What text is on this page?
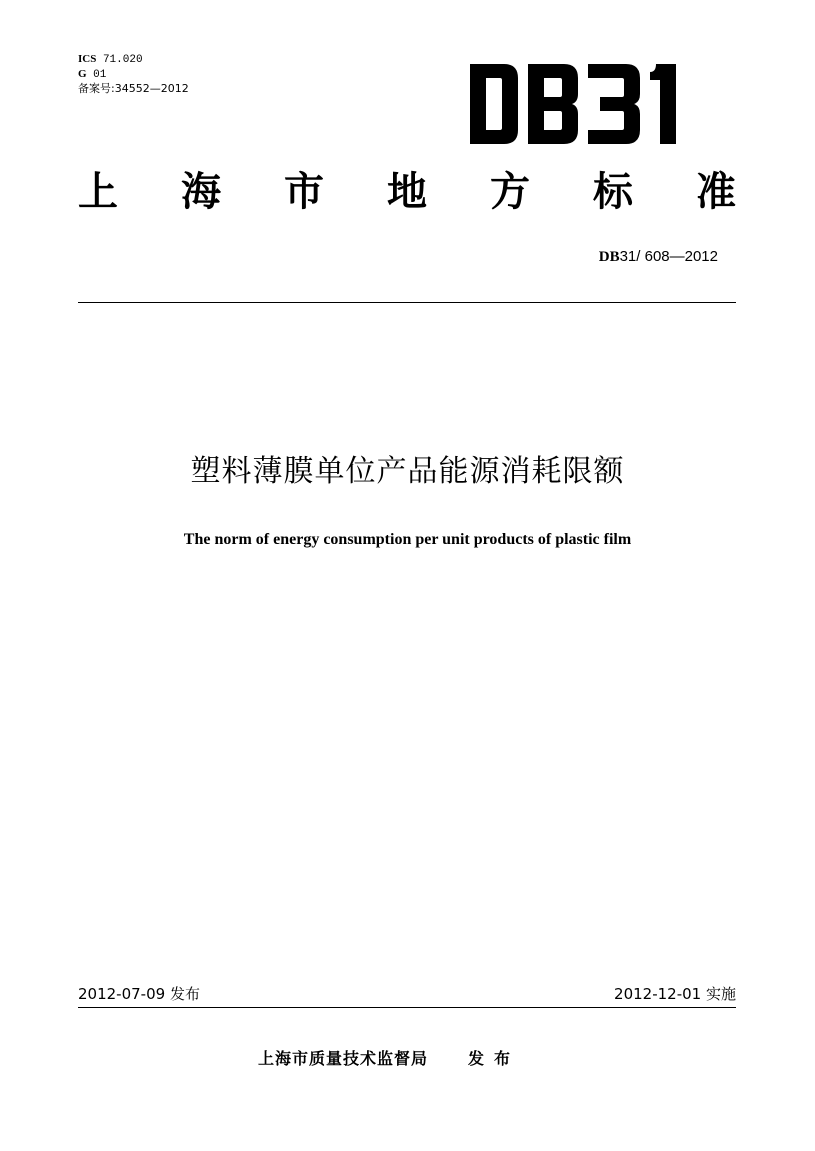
ICS 71.020
G 01
备案号:34552—2012
上 海 市 地 方 标 准
DB31/ 608—2012
塑料薄膜单位产品能源消耗限额
The norm of energy consumption per unit products of plastic film
2012-07-09 发布	2012-12-01 实施
上海市质量技术监督局	发布
